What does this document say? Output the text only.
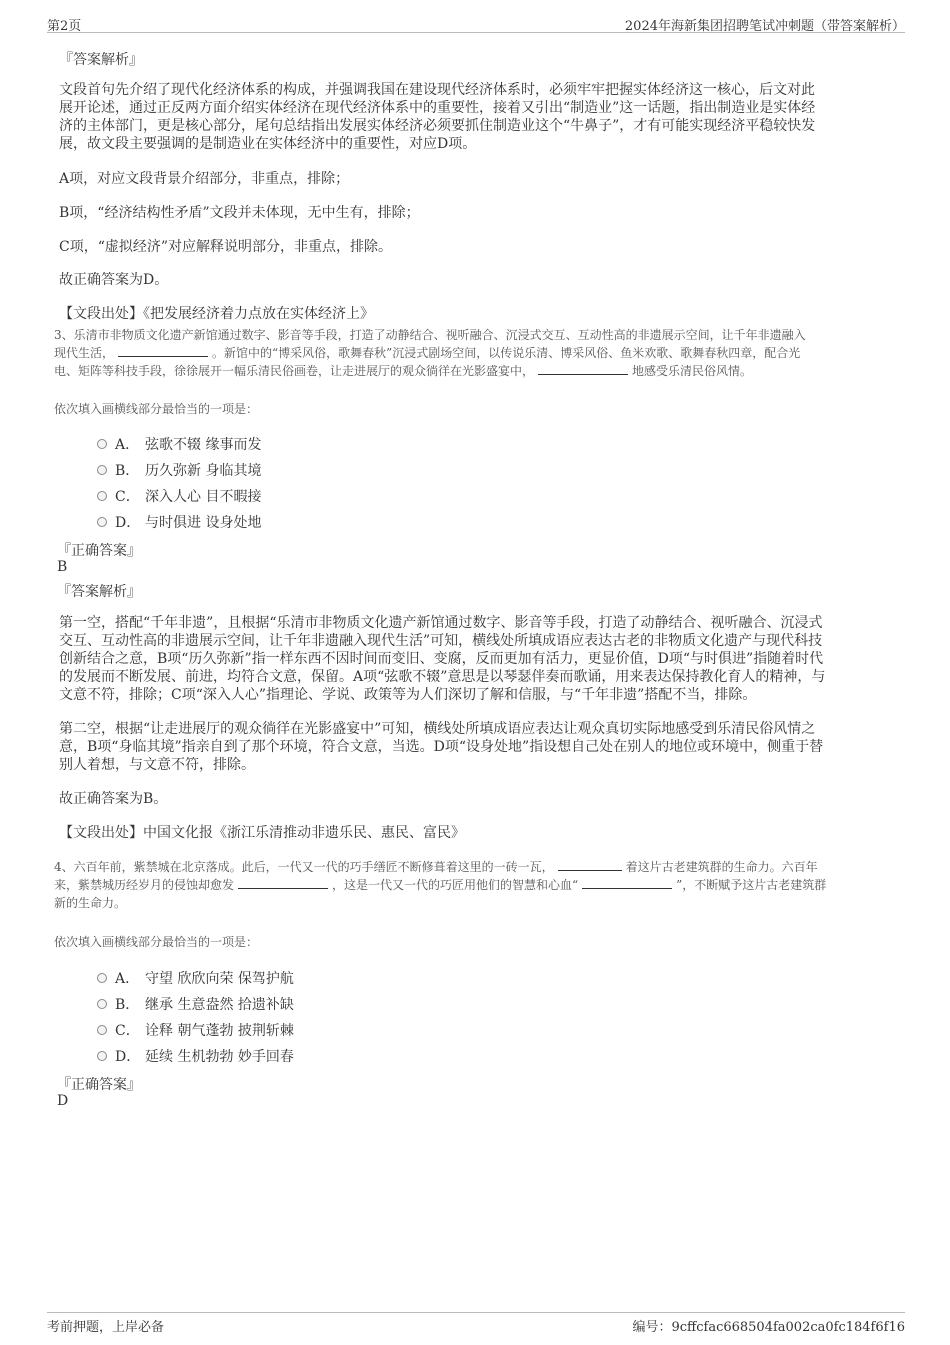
第2页	2024年海新集团招聘笔试冲刺题（带答案解析）
『答案解析』
文段首句先介绍了现代化经济体系的构成，并强调我国在建设现代经济体系时，必须牢牢把握实体经济这一核心，后文对此
展开论述，通过正反两方面介绍实体经济在现代经济体系中的重要性，接着又引出“制造业”这一话题，指出制造业是实体经
济的主体部门，更是核心部分，尾句总结指出发展实体经济必须要抓住制造业这个“牛鼻子”，才有可能实现经济平稳较快发
展，故文段主要强调的是制造业在实体经济中的重要性，对应D项。
A项，对应文段背景介绍部分，非重点，排除；
B项，“经济结构性矛盾”文段并未体现，无中生有，排除；
C项，“虚拟经济”对应解释说明部分，非重点，排除。
故正确答案为D。
【文段出处】《把发展经济着力点放在实体经济上》
3、乐清市非物质文化遗产新馆通过数字、影音等手段，打造了动静结合、视听融合、沉浸式交互、互动性高的非遗展示空间，让千年非遗融入
现代生活，	。新馆中的“博采风俗，歌舞春秋”沉浸式剧场空间，以传说乐清、博采风俗、鱼米欢歌、歌舞春秋四章，配合光
电、矩阵等科技手段，徐徐展开一幅乐清民俗画卷，让走进展厅的观众徜徉在光影盛宴中，	地感受乐清民俗风情。
依次填入画横线部分最恰当的一项是：
A． 弦歌不辍 缘事而发
B． 历久弥新 身临其境
C． 深入人心 目不暇接
D． 与时俱进 设身处地
『正确答案』
B
『答案解析』
第一空，搭配“千年非遗”，且根据“乐清市非物质文化遗产新馆通过数字、影音等手段，打造了动静结合、视听融合、沉浸式
交互、互动性高的非遗展示空间，让千年非遗融入现代生活”可知，横线处所填成语应表达古老的非物质文化遗产与现代科技
创新结合之意，B项“历久弥新”指一样东西不因时间而变旧、变腐，反而更加有活力，更显价值，D项“与时俱进”指随着时代
的发展而不断发展、前进，均符合文意，保留。A项“弦歌不辍”意思是以琴瑟伴奏而歌诵，用来表达保持教化育人的精神，与
文意不符，排除；C项“深入人心”指理论、学说、政策等为人们深切了解和信服，与“千年非遗”搭配不当，排除。
第二空，根据“让走进展厅的观众徜徉在光影盛宴中”可知，横线处所填成语应表达让观众真切实际地感受到乐清民俗风情之
意，B项“身临其境”指亲自到了那个环境，符合文意，当选。D项“设身处地”指设想自己处在别人的地位或环境中，侧重于替
别人着想，与文意不符，排除。
故正确答案为B。
【文段出处】中国文化报《浙江乐清推动非遗乐民、惠民、富民》
4、六百年前，紫禁城在北京落成。此后，一代又一代的巧手缮匠不断修葺着这里的一砖一瓦，	着这片古老建筑群的生命力。六百年
来，紫禁城历经岁月的侵蚀却愈发	，这是一代又一代的巧匠用他们的智慧和心血“	”，不断赋予这片古老建筑群
新的生命力。
依次填入画横线部分最恰当的一项是：
A． 守望 欣欣向荣 保驾护航
B． 继承 生意盎然 拾遗补缺
C． 诠释 朝气蓬勃 披荆斩棘
D． 延续 生机勃勃 妙手回春
『正确答案』
D
考前押题，上岸必备	编号：9cffcfac668504fa002ca0fc184f6f16
